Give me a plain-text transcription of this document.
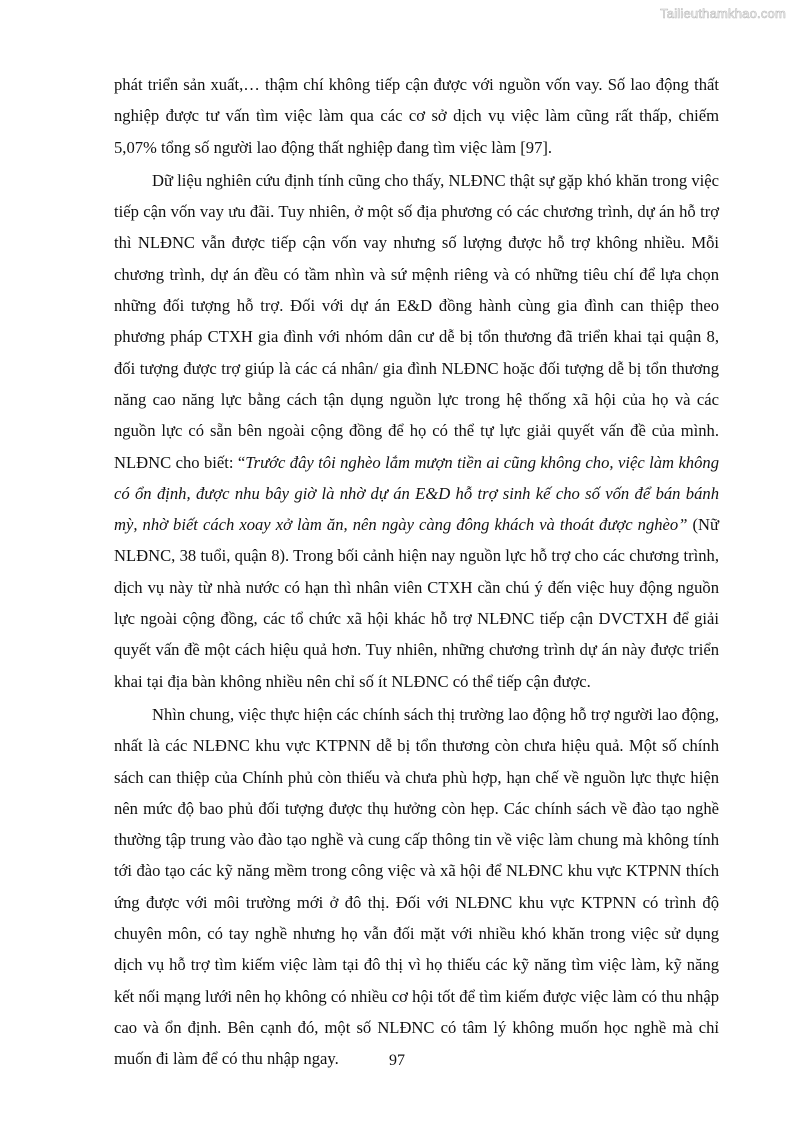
Tailieuthamkhao.com

phát triển sản xuất,… thậm chí không tiếp cận được với nguồn vốn vay. Số lao động thất nghiệp được tư vấn tìm việc làm qua các cơ sở dịch vụ việc làm cũng rất thấp, chiếm 5,07% tổng số người lao động thất nghiệp đang tìm việc làm [97].

Dữ liệu nghiên cứu định tính cũng cho thấy, NLĐNC thật sự gặp khó khăn trong việc tiếp cận vốn vay ưu đãi. Tuy nhiên, ở một số địa phương có các chương trình, dự án hỗ trợ thì NLĐNC vẫn được tiếp cận vốn vay nhưng số lượng được hỗ trợ không nhiều. Mỗi chương trình, dự án đều có tầm nhìn và sứ mệnh riêng và có những tiêu chí để lựa chọn những đối tượng hỗ trợ. Đối với dự án E&D đồng hành cùng gia đình can thiệp theo phương pháp CTXH gia đình với nhóm dân cư dễ bị tổn thương đã triển khai tại quận 8, đối tượng được trợ giúp là các cá nhân/ gia đình NLĐNC hoặc đối tượng dễ bị tổn thương năng cao năng lực bằng cách tận dụng nguồn lực trong hệ thống xã hội của họ và các nguồn lực có sẵn bên ngoài cộng đồng để họ có thể tự lực giải quyết vấn đề của mình. NLĐNC cho biết: “Trước đây tôi nghèo lắm mượn tiền ai cũng không cho, việc làm không có ổn định, được nhu bây giờ là nhờ dự án E&D hỗ trợ sinh kế cho số vốn để bán bánh mỳ, nhờ biết cách xoay xở làm ăn, nên ngày càng đông khách và thoát được nghèo” (Nữ NLĐNC, 38 tuổi, quận 8). Trong bối cảnh hiện nay nguồn lực hỗ trợ cho các chương trình, dịch vụ này từ nhà nước có hạn thì nhân viên CTXH cần chú ý đến việc huy động nguồn lực ngoài cộng đồng, các tổ chức xã hội khác hỗ trợ NLĐNC tiếp cận DVCTXH để giải quyết vấn đề một cách hiệu quả hơn. Tuy nhiên, những chương trình dự án này được triển khai tại địa bàn không nhiều nên chỉ số ít NLĐNC có thể tiếp cận được.

Nhìn chung, việc thực hiện các chính sách thị trường lao động hỗ trợ người lao động, nhất là các NLĐNC khu vực KTPNN dễ bị tổn thương còn chưa hiệu quả. Một số chính sách can thiệp của Chính phủ còn thiếu và chưa phù hợp, hạn chế về nguồn lực thực hiện nên mức độ bao phủ đối tượng được thụ hưởng còn hẹp. Các chính sách về đào tạo nghề thường tập trung vào đào tạo nghề và cung cấp thông tin về việc làm chung mà không tính tới đào tạo các kỹ năng mềm trong công việc và xã hội để NLĐNC khu vực KTPNN thích ứng được với môi trường mới ở đô thị. Đối với NLĐNC khu vực KTPNN có trình độ chuyên môn, có tay nghề nhưng họ vẫn đối mặt với nhiều khó khăn trong việc sử dụng dịch vụ hỗ trợ tìm kiếm việc làm tại đô thị vì họ thiếu các kỹ năng tìm việc làm, kỹ năng kết nối mạng lưới nên họ không có nhiều cơ hội tốt để tìm kiếm được việc làm có thu nhập cao và ổn định. Bên cạnh đó, một số NLĐNC có tâm lý không muốn học nghề mà chỉ muốn đi làm để có thu nhập ngay.	97
